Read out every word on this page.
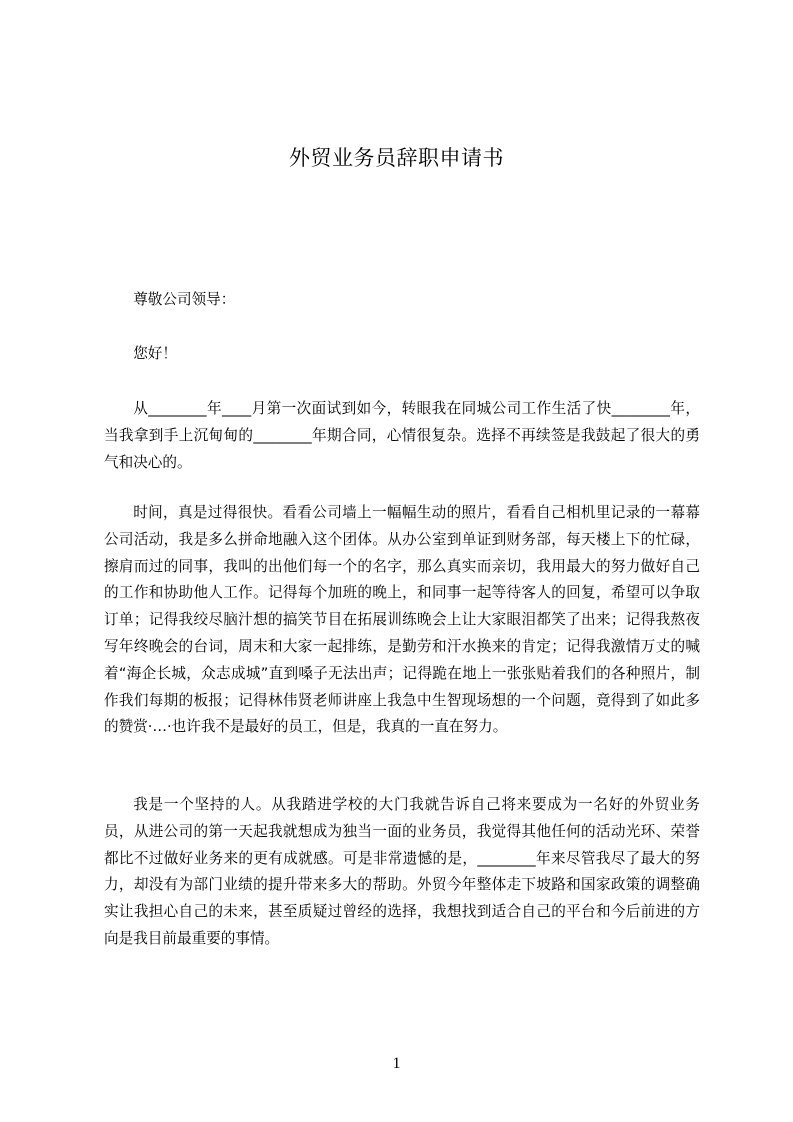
外贸业务员辞职申请书

尊敬公司领导：

您好！

从________年____月第一次面试到如今，转眼我在同城公司工作生活了快________年，当我拿到手上沉甸甸的________年期合同，心情很复杂。选择不再续签是我鼓起了很大的勇气和决心的。

时间，真是过得很快。看看公司墙上一幅幅生动的照片，看看自己相机里记录的一幕幕公司活动，我是多么拼命地融入这个团体。从办公室到单证到财务部，每天楼上下的忙碌，擦肩而过的同事，我叫的出他们每一个的名字，那么真实而亲切，我用最大的努力做好自己的工作和协助他人工作。记得每个加班的晚上，和同事一起等待客人的回复，希望可以争取订单；记得我绞尽脑汁想的搞笑节目在拓展训练晚会上让大家眼泪都笑了出来；记得我熬夜写年终晚会的台词，周末和大家一起排练，是勤劳和汗水换来的肯定；记得我激情万丈的喊着“海企长城，众志成城”直到嗓子无法出声；记得跪在地上一张张贴着我们的各种照片，制作我们每期的板报；记得林伟贤老师讲座上我急中生智现场想的一个问题，竟得到了如此多的赞赏·…·也许我不是最好的员工，但是，我真的一直在努力。

我是一个坚持的人。从我踏进学校的大门我就告诉自己将来要成为一名好的外贸业务员，从进公司的第一天起我就想成为独当一面的业务员，我觉得其他任何的活动光环、荣誉都比不过做好业务来的更有成就感。可是非常遗憾的是，________年来尽管我尽了最大的努力，却没有为部门业绩的提升带来多大的帮助。外贸今年整体走下坡路和国家政策的调整确实让我担心自己的未来，甚至质疑过曾经的选择，我想找到适合自己的平台和今后前进的方向是我目前最重要的事情。

1
